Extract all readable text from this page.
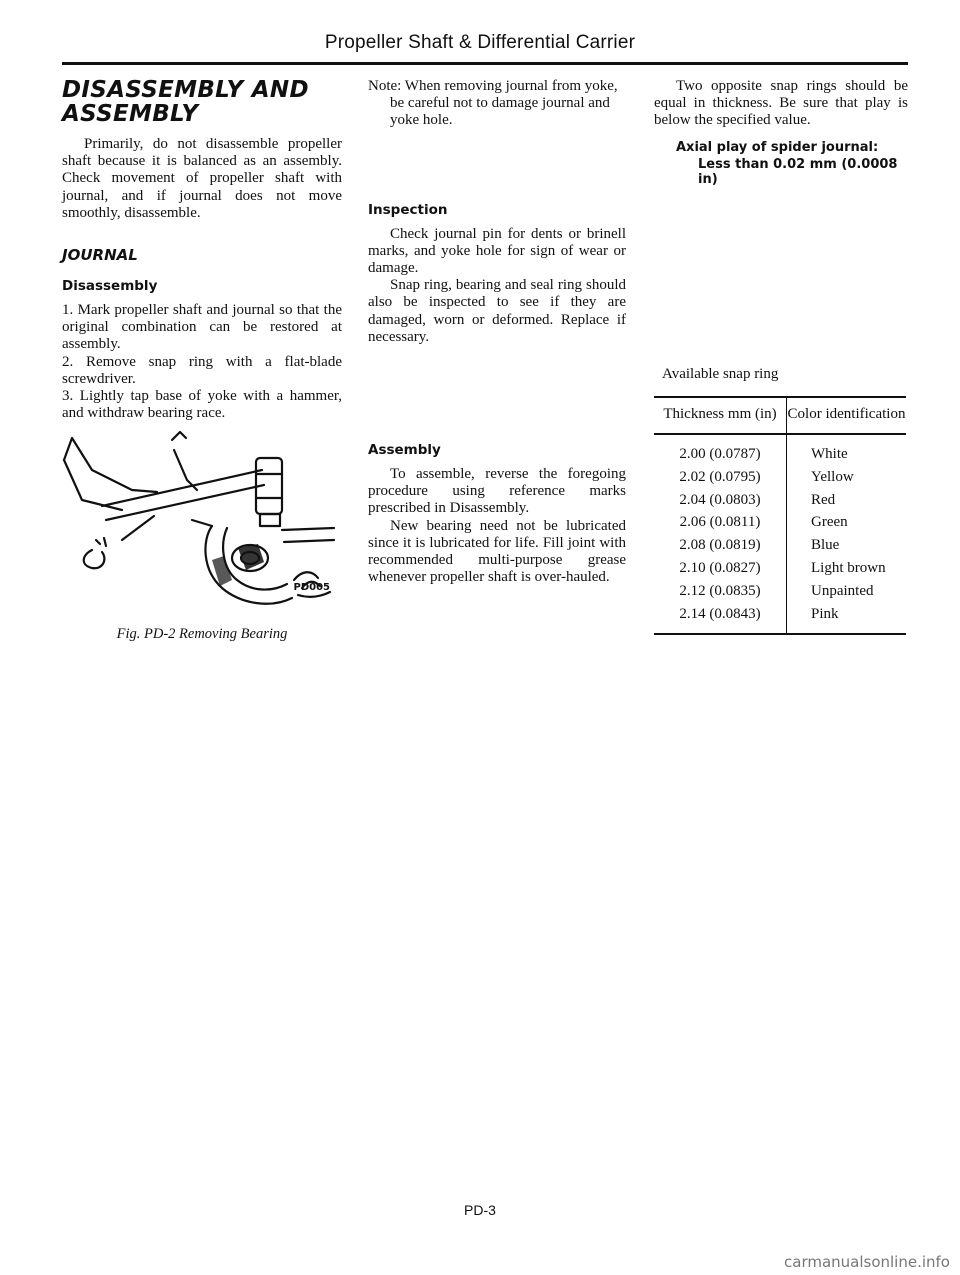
Propeller Shaft & Differential Carrier
DISASSEMBLY AND ASSEMBLY

Primarily, do not disassemble propeller shaft because it is balanced as an assembly. Check movement of propeller shaft with journal, and if journal does not move smoothly, disassemble.

JOURNAL
Disassembly

1. Mark propeller shaft and journal so that the original combination can be restored at assembly.

2. Remove snap ring with a flat-blade screwdriver.

3. Lightly tap base of yoke with a hammer, and withdraw bearing race.

PD005
Fig. PD-2 Removing Bearing

Note: When removing journal from yoke, be careful not to damage journal and yoke hole.

Inspection

Check journal pin for dents or brinell marks, and yoke hole for sign of wear or damage.

Snap ring, bearing and seal ring should also be inspected to see if they are damaged, worn or deformed. Replace if necessary.

Assembly

To assemble, reverse the foregoing procedure using reference marks prescribed in Disassembly.

New bearing need not be lubricated since it is lubricated for life. Fill joint with recommended multi-purpose grease whenever propeller shaft is over-hauled.

Two opposite snap rings should be equal in thickness. Be sure that play is below the specified value.

Axial play of spider journal:
Less than 0.02 mm (0.0008 in)
Available snap ring
Thickness mm (in)	Color identification
2.00 (0.0787)	White
2.02 (0.0795)	Yellow
2.04 (0.0803)	Red
2.06 (0.0811)	Green
2.08 (0.0819)	Blue
2.10 (0.0827)	Light brown
2.12 (0.0835)	Unpainted
2.14 (0.0843)	Pink
PD-3
carmanualsonline.info
